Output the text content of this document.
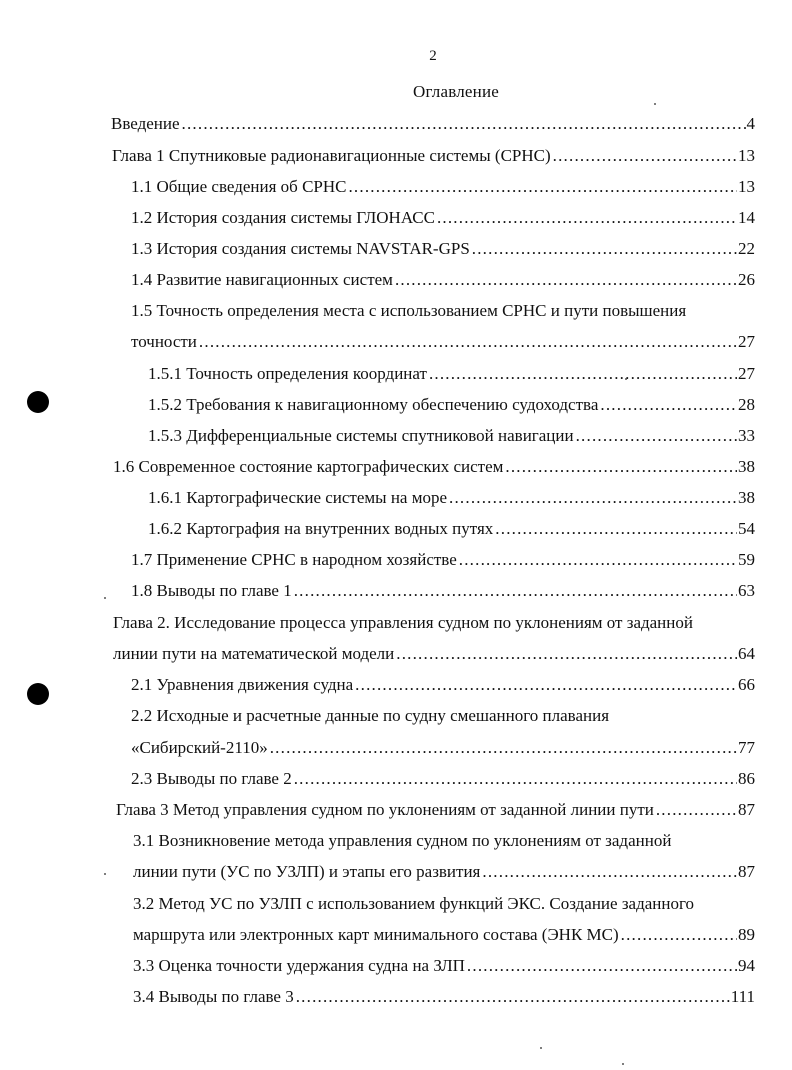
2
Оглавление
Введение .....	4
Глава 1 Спутниковые радионавигационные системы (СРНС) .....	13
1.1 Общие сведения об СРНС .....	13
1.2 История создания системы ГЛОНАСС .....	14
1.3 История создания системы NAVSTAR-GPS .....	22
1.4 Развитие навигационных систем .....	26
1.5 Точность определения места с использованием СРНС и пути повышения
точности .....	27
1.5.1 Точность определения координат .....	27
1.5.2 Требования к навигационному обеспечению судоходства .....	28
1.5.3 Дифференциальные системы спутниковой навигации .....	33
1.6 Современное состояние картографических систем .....	38
1.6.1 Картографические системы на море .....	38
1.6.2 Картография на внутренних водных путях .....	54
1.7 Применение СРНС в народном хозяйстве .....	59
1.8 Выводы по главе 1 .....	63
Глава 2. Исследование процесса управления судном по уклонениям от заданной
линии пути на математической модели .....	64
2.1 Уравнения движения судна .....	66
2.2 Исходные и расчетные данные по судну смешанного плавания
«Сибирский-2110» .....	77
2.3 Выводы по главе 2 .....	86
Глава 3 Метод управления судном по уклонениям от заданной линии пути .....	87
3.1 Возникновение метода управления судном по уклонениям от заданной
линии пути (УС по УЗЛП) и этапы его развития .....	87
3.2 Метод УС по УЗЛП с использованием функций ЭКС. Создание заданного
маршрута или электронных карт минимального состава (ЭНК МС) .....	89
3.3 Оценка точности удержания судна на ЗЛП .....	94
3.4 Выводы по главе 3 .....	111
